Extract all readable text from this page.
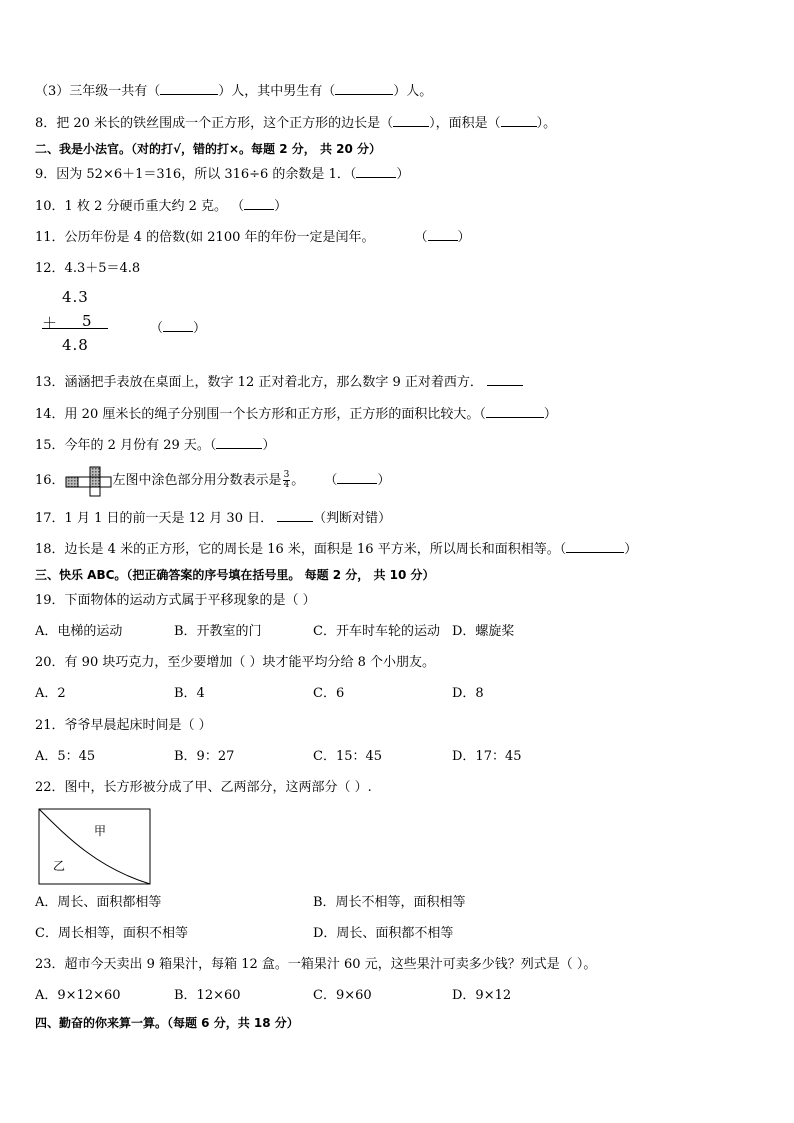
（3）三年级一共有（	）人，其中男生有（	）人。
8．把 20 米长的铁丝围成一个正方形，这个正方形的边长是（	），面积是（	）。
二、我是小法官。（对的打√，错的打×。每题 2 分， 共 20 分）
9．因为 52×6＋1＝316，所以 316÷6 的余数是 1．（	）
10．1 枚 2 分硬币重大约 2 克。 （ ）
11．公历年份是 4 的倍数(如 2100 年的年份一定是闰年。	（ ）
12．4.3＋5＝4.8
4.3
＋ 5
4.8
（ ）
13．涵涵把手表放在桌面上，数字 12 正对着北方，那么数字 9 正对着西方．
14．用 20 厘米长的绳子分别围一个长方形和正方形，正方形的面积比较大。（	）
15．今年的 2 月份有 29 天。（	）
16．	左图中涂色部分用分数表示是 $\frac{3}{4}$ 。 （	）
17．1 月 1 日的前一天是 12 月 30 日．	（判断对错）
18．边长是 4 米的正方形，它的周长是 16 米，面积是 16 平方米，所以周长和面积相等。（	）
三、快乐 ABC。（把正确答案的序号填在括号里。 每题 2 分， 共 10 分）
19．下面物体的运动方式属于平移现象的是（ ）
A．电梯的运动	B．开教室的门	C．开车时车轮的运动 D．螺旋桨
20．有 90 块巧克力，至少要增加（ ）块才能平均分给 8 个小朋友。
A．2	B．4	C．6	D．8
21．爷爷早晨起床时间是（ ）
A．5：45	B．9：27	C．15：45	D．17：45
22．图中，长方形被分成了甲、乙两部分，这两部分（ ）.
甲
乙
A．周长、面积都相等	B．周长不相等，面积相等
C．周长相等，面积不相等	D．周长、面积都不相等
23．超市今天卖出 9 箱果汁，每箱 12 盒。一箱果汁 60 元，这些果汁可卖多少钱？列式是（ ）。
A．9×12×60	B．12×60	C．9×60	D．9×12
四、勤奋的你来算一算。（每题 6 分，共 18 分）
